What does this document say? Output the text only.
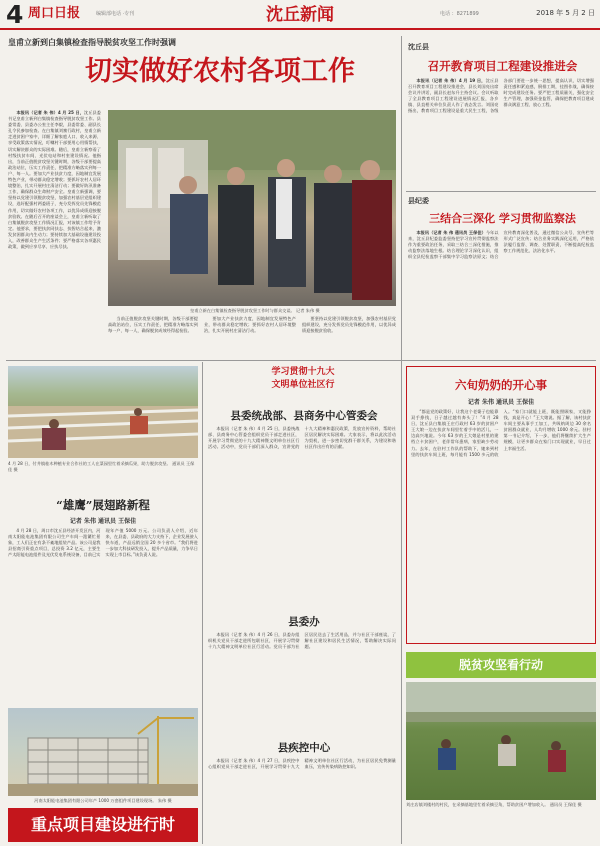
4 周口日报	编辑部电话 ·专刊	沈丘新闻	电话 ：8271899	2018 年 5 月 2 日
皇甫立新到白集镇检查指导脱贫攻坚工作时强调
切实做好农村各项工作

本报讯（记者 朱 伟）4 月 25 日，沈丘县委书记皇甫立新到白集镇检查指导脱贫攻坚工作。县委常委、县委办公室主任李毅，县委常委、副县长孔令民参加检查。在白集镇刘寨行政村，皇甫立新走进贫困户家中，详细了解家庭人口、收入来源、享受政策落实情况，叮嘱村干部要用心用情帮扶，切实解决群众的实际困难。随后，皇甫立新察看了村级扶贫车间、光伏电站和村室建设情况。他指出，当前正值脱贫攻坚关键时期，各级干部要提高政治站位，压实工作责任，把精准方略落实到每一户、每一人。要加大产业扶贫力度，因地制宜发展特色产业，带动群众稳定增收；要抓好农村人居环境整治，扎实开展村庄清洁行动；要做好防汛准备工作，确保群众生命财产安全。皇甫立新强调，要坚持以党建引领脱贫攻坚，加强农村基层党组织建设，选好配强村两委班子，充分发挥党员先锋模范作用，切实做好农村各项工作，以优异成绩迎接脱贫验收。在随后召开的座谈会上，皇甫立新听取了白集镇脱贫攻坚工作情况汇报，对该镇工作给予肯定。他要求，要把扶贫同扶志、扶智结合起来，激发贫困群众内生动力；要持续加大基础设施建设投入，改善群众生产生活条件；要严格落实各项惠民政策，做到应享尽享、应扶尽扶。

皇甫立新在白集镇检查指导脱贫攻坚工作时与群众交谈。 记者 朱伟 摄

当前正值脱贫攻坚关键时期，各级干部要提高政治站位，压实工作责任，把精准方略落实到每一户、每一人，确保脱贫成效经得起检验。

要加大产业扶贫力度，因地制宜发展特色产业，带动群众稳定增收；要抓好农村人居环境整治，扎实开展村庄清洁行动。

要坚持以党建引领脱贫攻坚，加强农村基层党组织建设，充分发挥党员先锋模范作用，以优异成绩迎接脱贫验收。

沈丘县
召开教育项目工程建设推进会

本报讯（记者 朱 伟）4 月 19 日，沈丘县召开教育项目工程建设推进会，县长刘国亮出席会议并讲话，副县长赵东升主持会议。会议听取了全县教育项目工程建设进展情况汇报，各乡镇、县直相关单位负责人作了表态发言。刘国亮指出，教育项目工程建设是重大民生工程，各级各部门要进一步统一思想，提高认识，切实增强责任感和紧迫感，倒排工期，挂图作战，确保按时完成建设任务。要严把工程质量关，强化安全生产管理，加强资金监管，确保把教育项目建成群众满意工程、放心工程。

县纪委
三结合三深化 学习贯彻监察法

本报讯（记者 朱 伟 通讯员 王保佳）今年以来，沈丘县纪委监委坚持把学习宣传贯彻监察法作为重要政治任务，采取三结合三深化措施，推动监察法落地生根。结合理论学习深化认识，组织全县纪检监察干部集中学习监察法原文；结合宣传教育深化普及，通过微信公众号、宣传栏等形式广泛宣传；结合业务实践深化运用，严格依法履行监督、调查、处置职责，不断提高纪检监察工作规范化、法治化水平。

4 月 28 日，付井镇桂木种植专业合作社的工人在菜园里忙着采摘瓜果，助力脱贫攻坚。 通讯员 王保佳 摄
“雄鹰”展翅路新程
记者 朱伟 通讯员 王保佳

4 月 28 日，周口市沈丘县经济开发区内，河南太阳能电池集团有限公司生产车间一派繁忙景象，工人们正在有条不紊地组装产品。该公司是我县招商引资重点项目，总投资 3.2 亿元，主要生产太阳能电池组件及光伏发电系统设备，目前已实现年产值 5000 万元。公司负责人介绍，近年来，在县委、县政府的大力支持下，企业发展驶入快车道，产品远销全国 20 多个省市。“我们将进一步加大科技研发投入，提升产品质量，力争早日实现上市目标。”该负责人说。

河南太阳能电池集团有限公司年产 1000 万套组件项目建设现场。 朱伟 摄
重点项目建设进行时
学习贯彻十九大
文明单位社区行
县委统战部、县商务中心管委会

本报讯（记者 朱 伟）4 月 25 日，县委统战部、县商务中心管委会组织党员干部走进社区，开展学习贯彻党的十九大精神暨文明单位社区行活动。活动中，党员干部们深入群众，宣讲党的十九大精神和惠民政策，发放宣传资料，帮助社区居民解决实际困难。大家表示，将以此次活动为契机，进一步密切党群干群关系，为建设和谐社区作出应有的贡献。

县委办

本报讯（记者 朱 伟）4 月 26 日，县委办组织机关党员干部走进所包联社区，开展学习贯彻十九大精神文明单位社区行活动。党员干部为社区居民送去了生活用品，并与社区干部座谈，了解社区建设和居民生活情况，帮助解决实际问题。

县疾控中心

本报讯（记者 朱 伟）4 月 27 日，县疾控中心组织党员干部走进社区，开展学习贯彻十九大精神文明单位社区行活动，为社区居民免费测量血压，宣传传染病防控知识。

六旬奶奶的开心事
记者 朱伟 通讯员 王保佳

“都是党的政策好，让我这个老婆子也能靠双手挣钱，日子越过越有奔头了！”4 月 28 日，沈丘县白集镇王庄行政村 63 岁的贫困户王大娘一边在扶贫车间里忙着手中的活儿，一边高兴地说。今年 63 岁的王大娘是村里的建档立卡贫困户，老伴常年患病，家里缺少劳动力。去年，在驻村工作队的帮助下，她来到村里的扶贫车间上班，每月能有 1500 多元的收入。“家门口就能上班，既能照顾家，又能挣钱，真是开心！”王大娘说。据了解，该村扶贫车间主要从事手工加工，共吸纳周边 30 余名贫困群众就业，人均月增收 1000 余元。驻村第一书记介绍，下一步，他们将继续扩大生产规模，让更多群众在家门口实现就业，早日过上幸福生活。

脱贫攻坚看行动
刘庄店镇刘楼村的村民，在采摘基地里忙着采摘豆角，帮助贫困户增加收入。 通讯员 王保佳 摄
